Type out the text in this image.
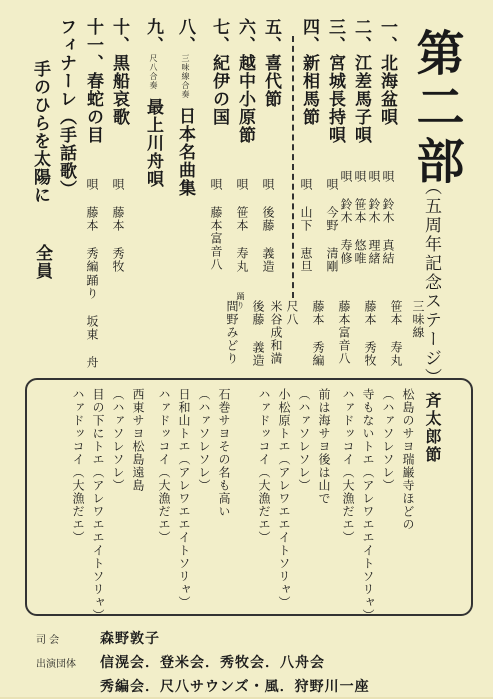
第二部
（五周年記念ステージ）
一、北海盆唄
二、江差馬子唄
三、宮城長持唄
四、新相馬節
五、喜代節
六、越中小原節
七、紀伊の国
八、三味線合奏日本名曲集
九、尺八合奏最上川舟唄
十、黒船哀歌
十一、春蛇の目
フィナーレ（手話歌）
手のひらを太陽に
唄 鈴木 真結
唄 鈴木 理緒
唄 笹本 悠唯
唄 鈴木 寿修
唄 今野 清剛
唄 山下 恵旦
唄 後藤 義造
唄 笹本 寿丸
唄 藤本富音八
唄 藤本 秀牧
唄 藤本 秀編
踊り 坂東 舟
全員
三味線
笹本 寿丸
藤本 秀牧
藤本富音八
藤本 秀編
尺八
米谷成和満
後藤 義造
踊り
間野みどり
斉太郎節
松島のサヨ瑞巌寺ほどの
（ハァソレソレ）
寺もないトエ（アレワエエイトソリャ）
ハァドッコイ（大漁だエ）
前は海サヨ後は山で
（ハァソレソレ）
小松原トエ（アレワエエイトソリャ）
ハァドッコイ（大漁だエ）
石巻サヨその名も高い
（ハァソレソレ）
日和山トエ（アレワエエイトソリャ）
ハァドッコイ（大漁だエ）
西東サヨ松島遠島
（ハァソレソレ）
目の下にトエ（アレワエエイトソリャ）
ハァドッコイ（大漁だエ）
司 会	森野敦子
出演団体 信滉会．登米会．秀牧会．八舟会
秀編会．尺八サウンズ・風．狩野川一座
